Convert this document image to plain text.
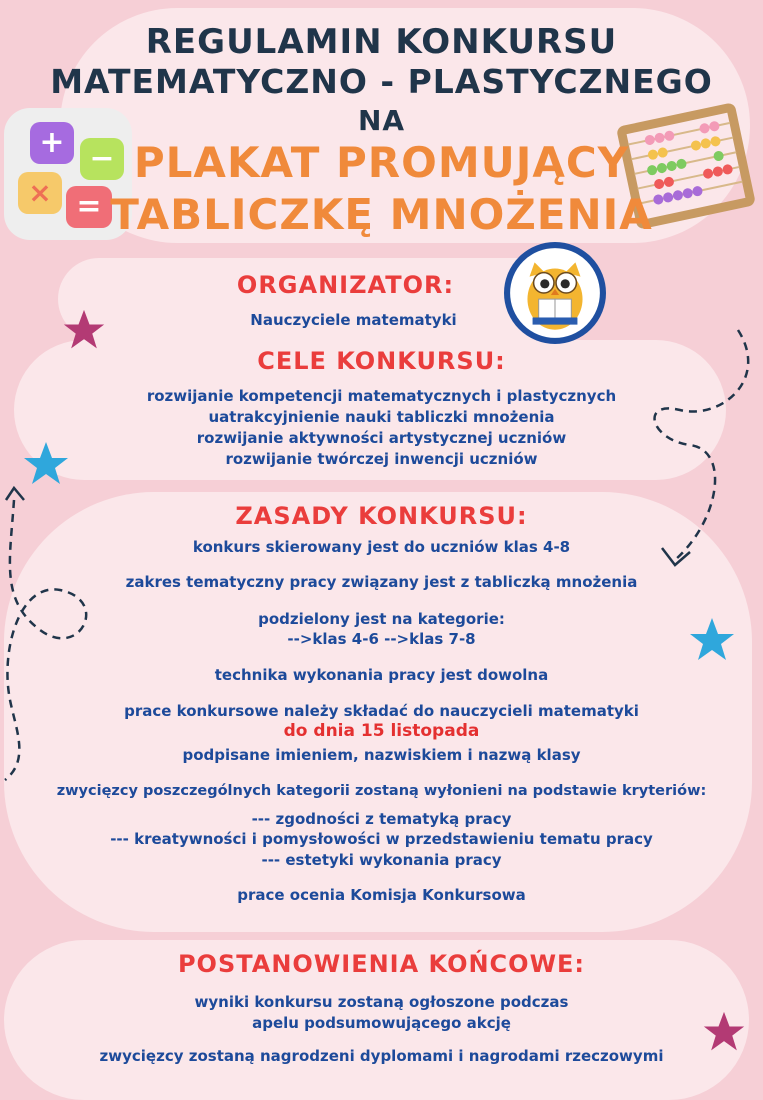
+ −
× =
REGULAMIN KONKURSU
MATEMATYCZNO - PLASTYCZNEGO
NA
PLAKAT PROMUJĄCY
TABLICZKĘ MNOŻENIA
ORGANIZATOR:
Nauczyciele matematyki
CELE KONKURSU:
rozwijanie kompetencji matematycznych i plastycznych
uatrakcyjnienie nauki tabliczki mnożenia
rozwijanie aktywności artystycznej uczniów
rozwijanie twórczej inwencji uczniów
ZASADY KONKURSU:
konkurs skierowany jest do uczniów klas 4-8
zakres tematyczny pracy związany jest z tabliczką mnożenia
podzielony jest na kategorie:
-->klas 4-6 -->klas 7-8
technika wykonania pracy jest dowolna
prace konkursowe należy składać do nauczycieli matematyki
do dnia 15 listopada
podpisane imieniem, nazwiskiem i nazwą klasy
zwycięzcy poszczególnych kategorii zostaną wyłonieni na podstawie kryteriów:
--- zgodności z tematyką pracy
--- kreatywności i pomysłowości w przedstawieniu tematu pracy
--- estetyki wykonania pracy
prace ocenia Komisja Konkursowa
POSTANOWIENIA KOŃCOWE:
wyniki konkursu zostaną ogłoszone podczas
apelu podsumowującego akcję
zwycięzcy zostaną nagrodzeni dyplomami i nagrodami rzeczowymi
